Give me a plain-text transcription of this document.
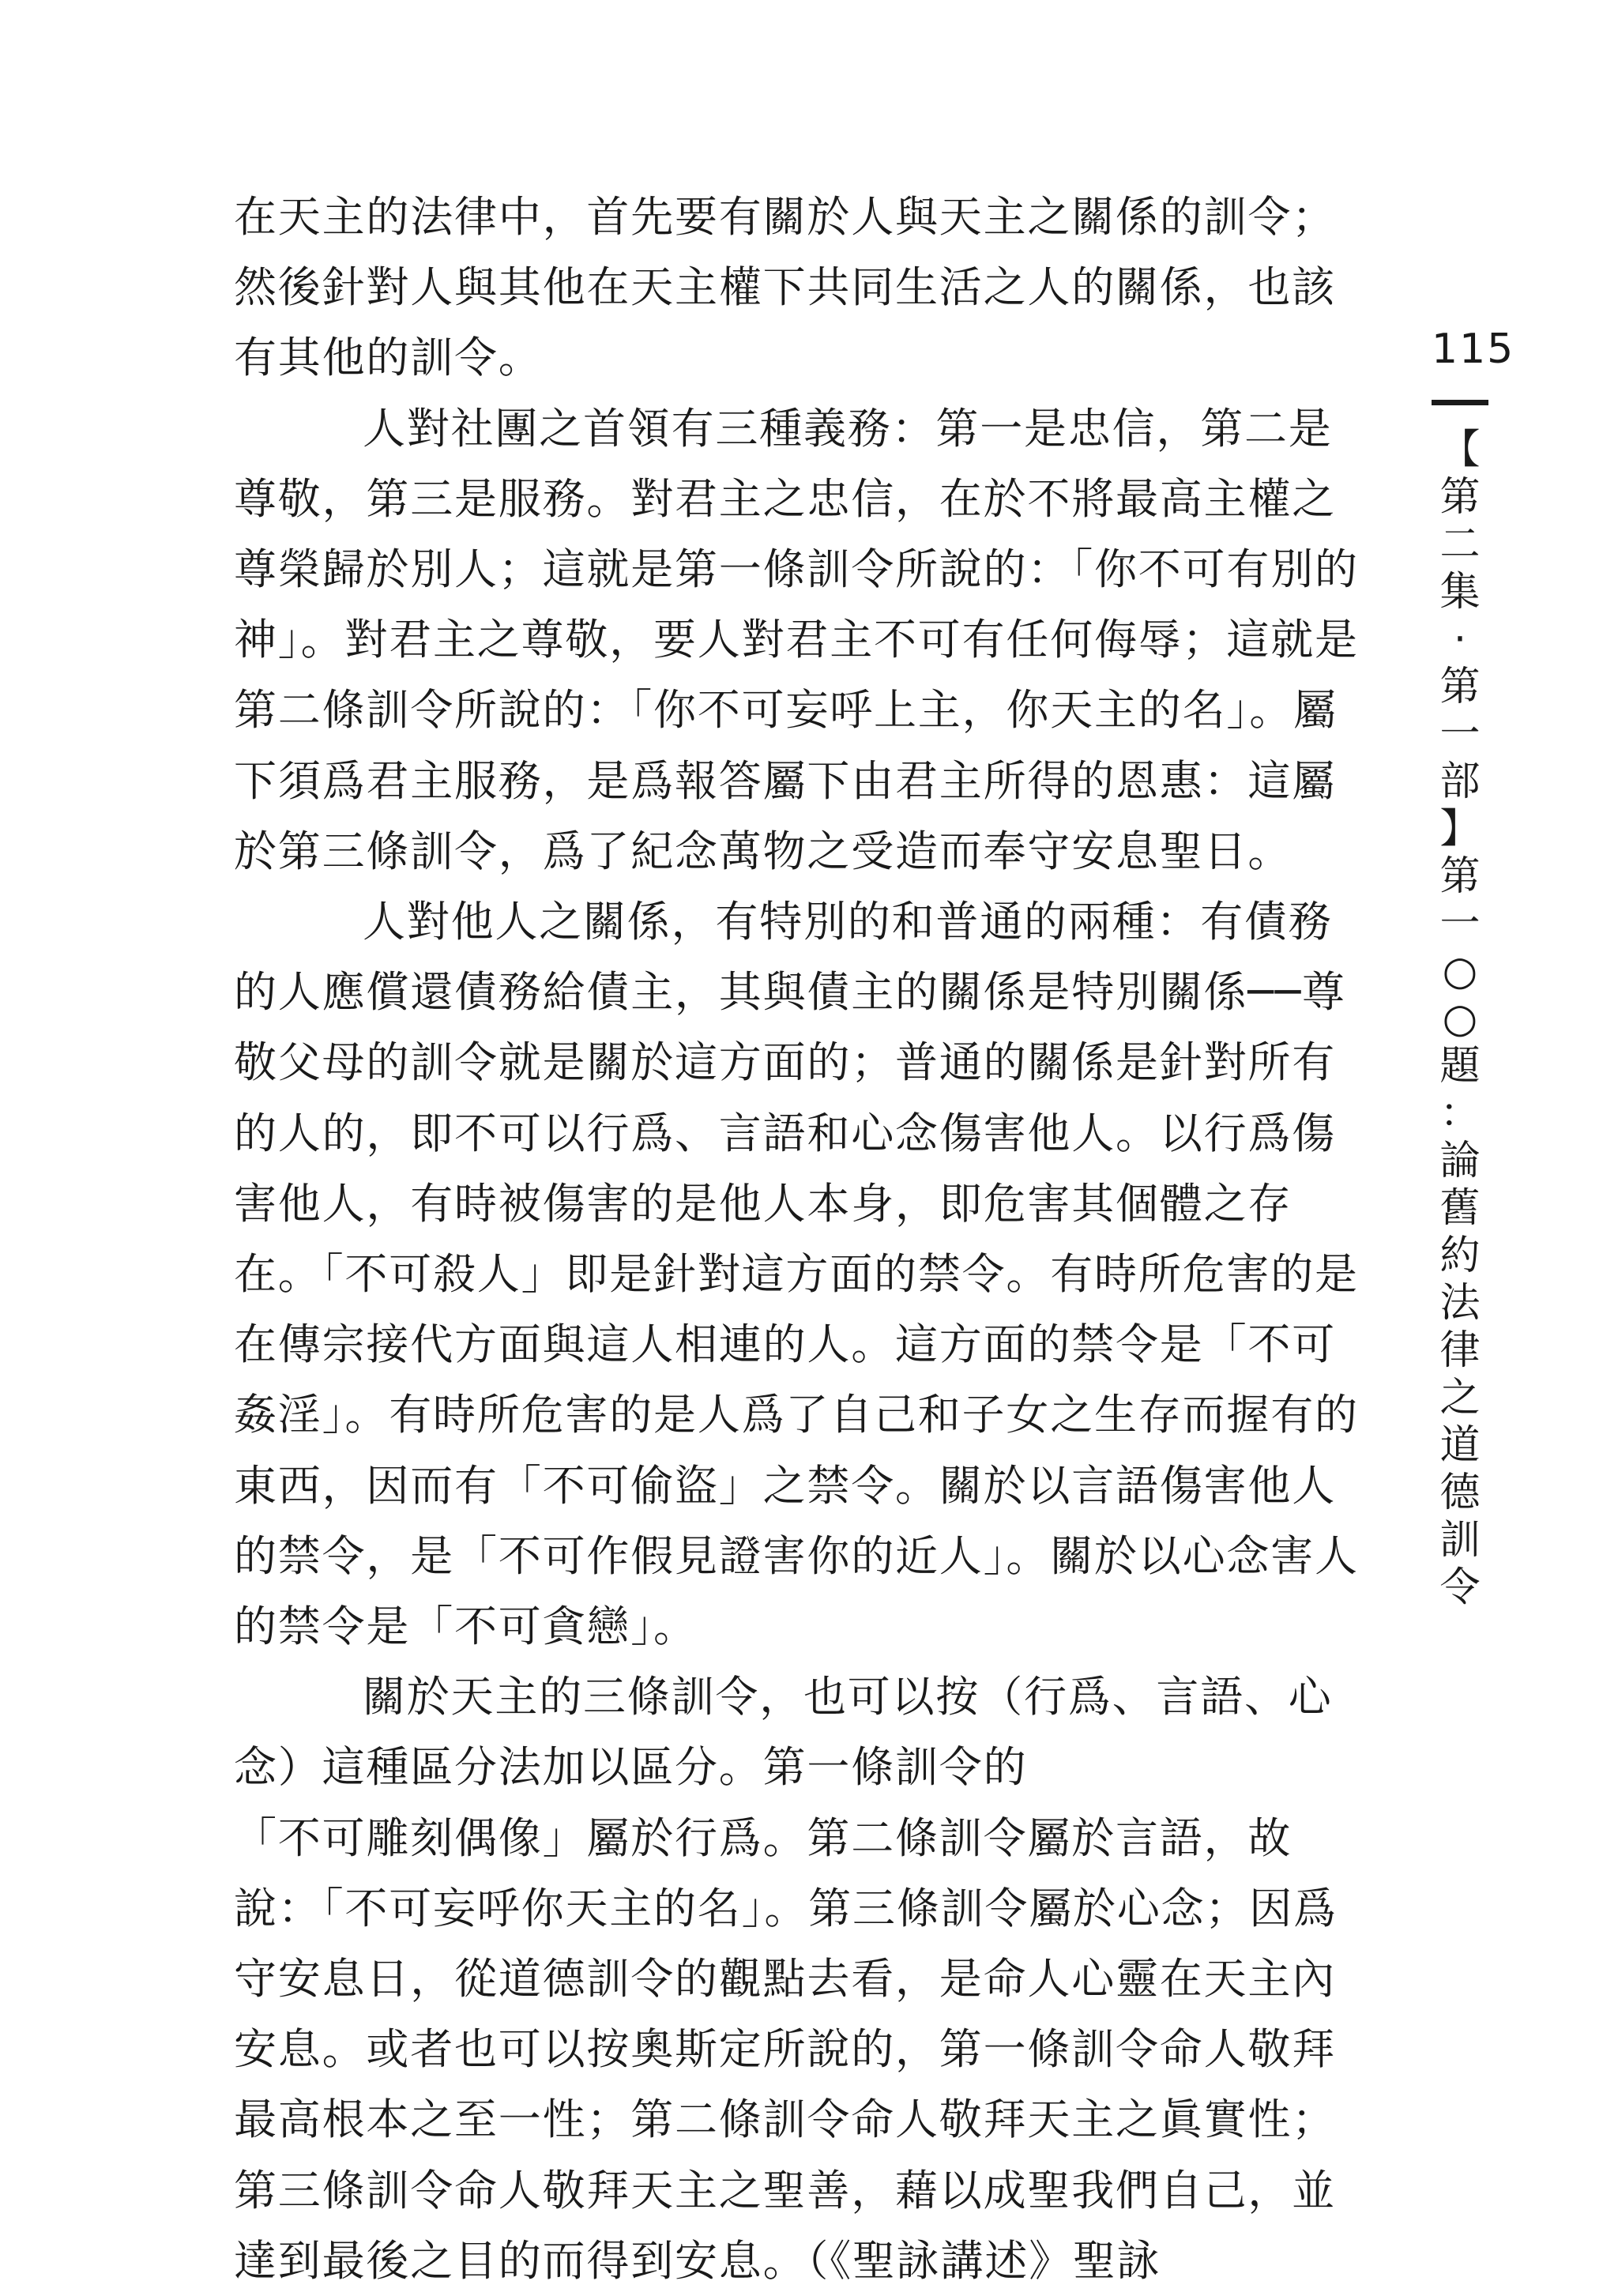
在天主的法律中，首先要有關於人與天主之關係的訓令；然後針對人與其他在天主權下共同生活之人的關係，也該有其他的訓令。

人對社團之首領有三種義務：第一是忠信，第二是尊敬，第三是服務。對君主之忠信，在於不將最高主權之尊榮歸於別人；這就是第一條訓令所說的：「你不可有別的神」。對君主之尊敬，要人對君主不可有任何侮辱；這就是第二條訓令所說的：「你不可妄呼上主，你天主的名」。屬下須爲君主服務，是爲報答屬下由君主所得的恩惠：這屬於第三條訓令，爲了紀念萬物之受造而奉守安息聖日。

人對他人之關係，有特別的和普通的兩種：有債務的人應償還債務給債主，其與債主的關係是特別關係──尊敬父母的訓令就是關於這方面的；普通的關係是針對所有的人的，即不可以行爲、言語和心念傷害他人。以行爲傷害他人，有時被傷害的是他人本身，即危害其個體之存在。「不可殺人」即是針對這方面的禁令。有時所危害的是在傳宗接代方面與這人相連的人。這方面的禁令是「不可姦淫」。有時所危害的是人爲了自己和子女之生存而握有的東西，因而有「不可偷盜」之禁令。關於以言語傷害他人的禁令，是「不可作假見證害你的近人」。關於以心念害人的禁令是「不可貪戀」。

關於天主的三條訓令，也可以按（行爲、言語、心念）這種區分法加以區分。第一條訓令的「不可雕刻偶像」屬於行爲。第二條訓令屬於言語，故說：「不可妄呼你天主的名」。第三條訓令屬於心念；因爲守安息日，從道德訓令的觀點去看，是命人心靈在天主內安息。或者也可以按奧斯定所說的，第一條訓令命人敬拜最高根本之至一性；第二條訓令命人敬拜天主之眞實性；第三條訓令命人敬拜天主之聖善，藉以成聖我們自己，並達到最後之目的而得到安息。（《聖詠講述》聖詠

115
【
第
二
集
·
第
一
部
】
第
一
○
○
題
：
論
舊
約
法
律
之
道
德
訓
令
